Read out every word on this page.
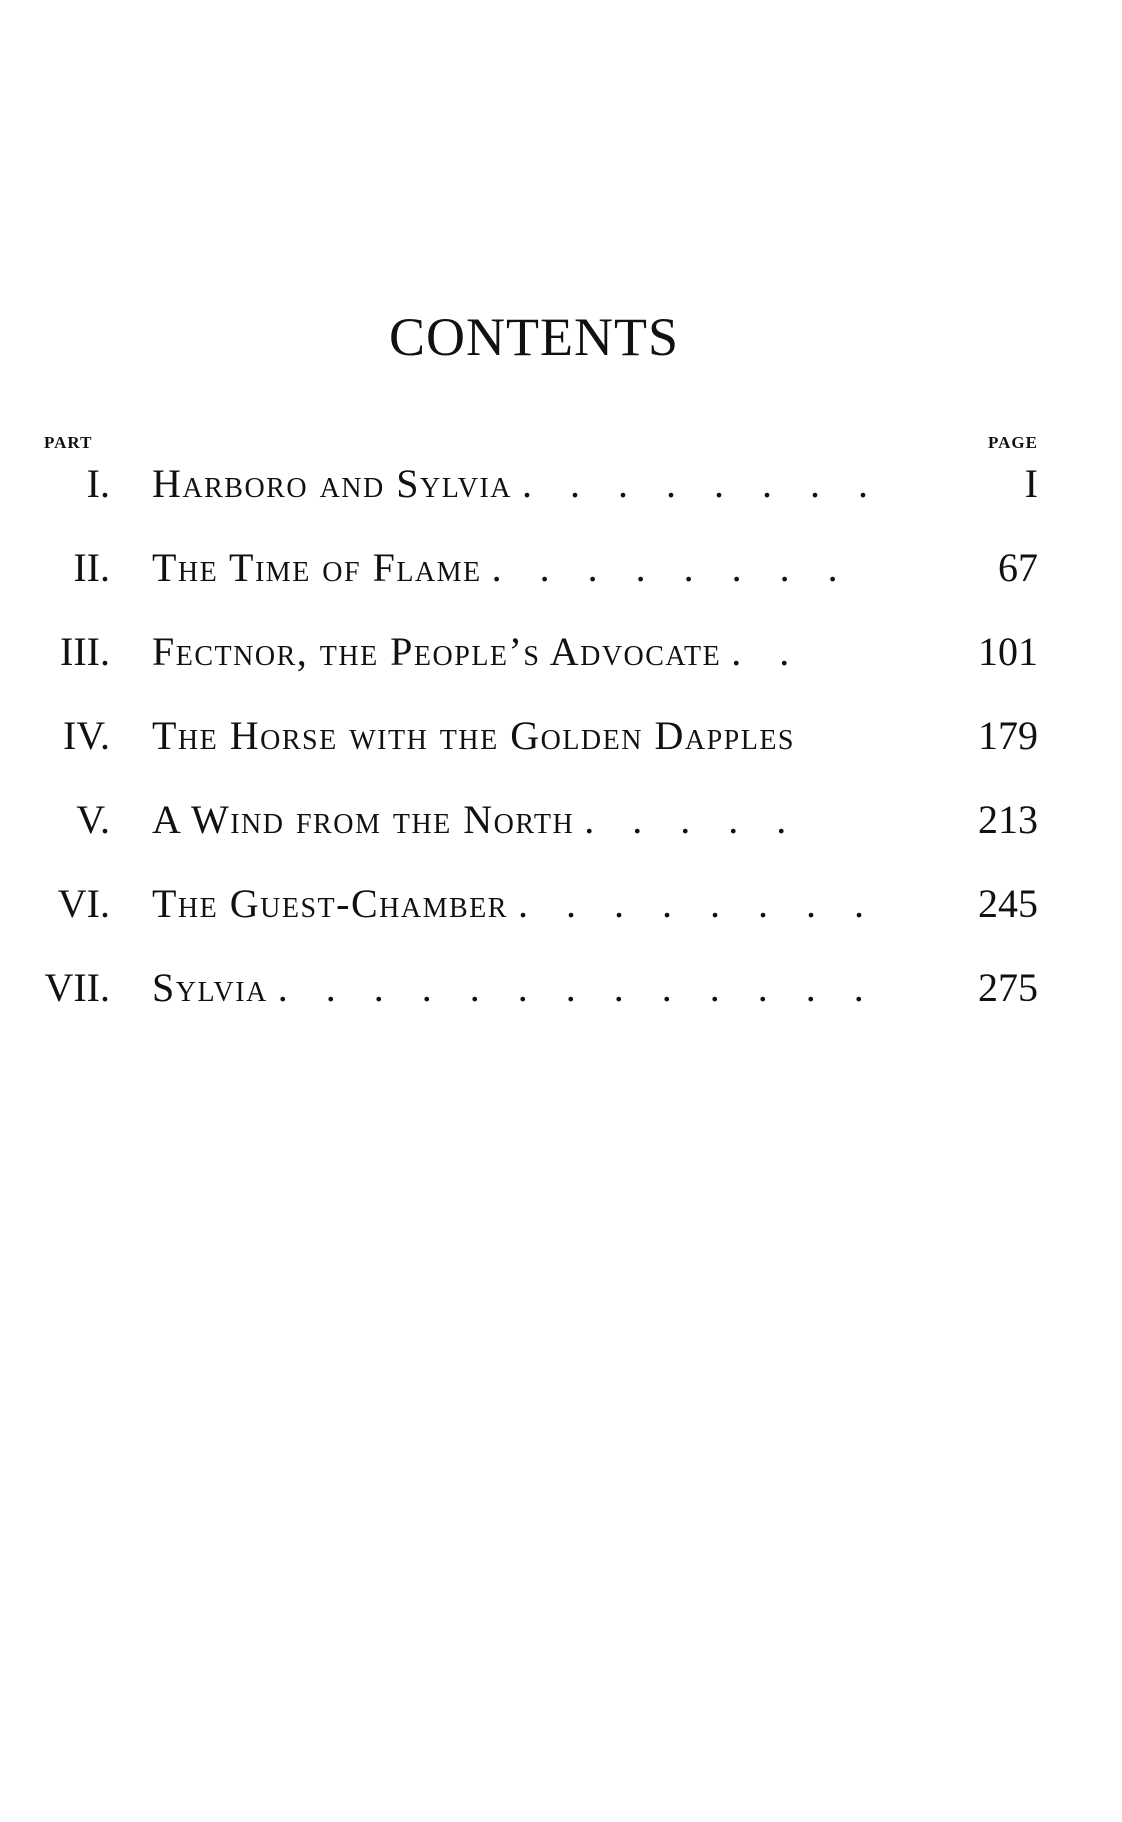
CONTENTS
PART	PAGE
I. Harboro and Sylvia . . . . . . . .	I
II. The Time of Flame . . . . . . . .	67
III. Fectnor, the People’s Advocate . .	101
IV. The Horse with the Golden Dapples	179
V. A Wind from the North . . . . .	213
VI. The Guest-Chamber . . . . . . . .	245
VII. Sylvia . . . . . . . . . . . . .	275
